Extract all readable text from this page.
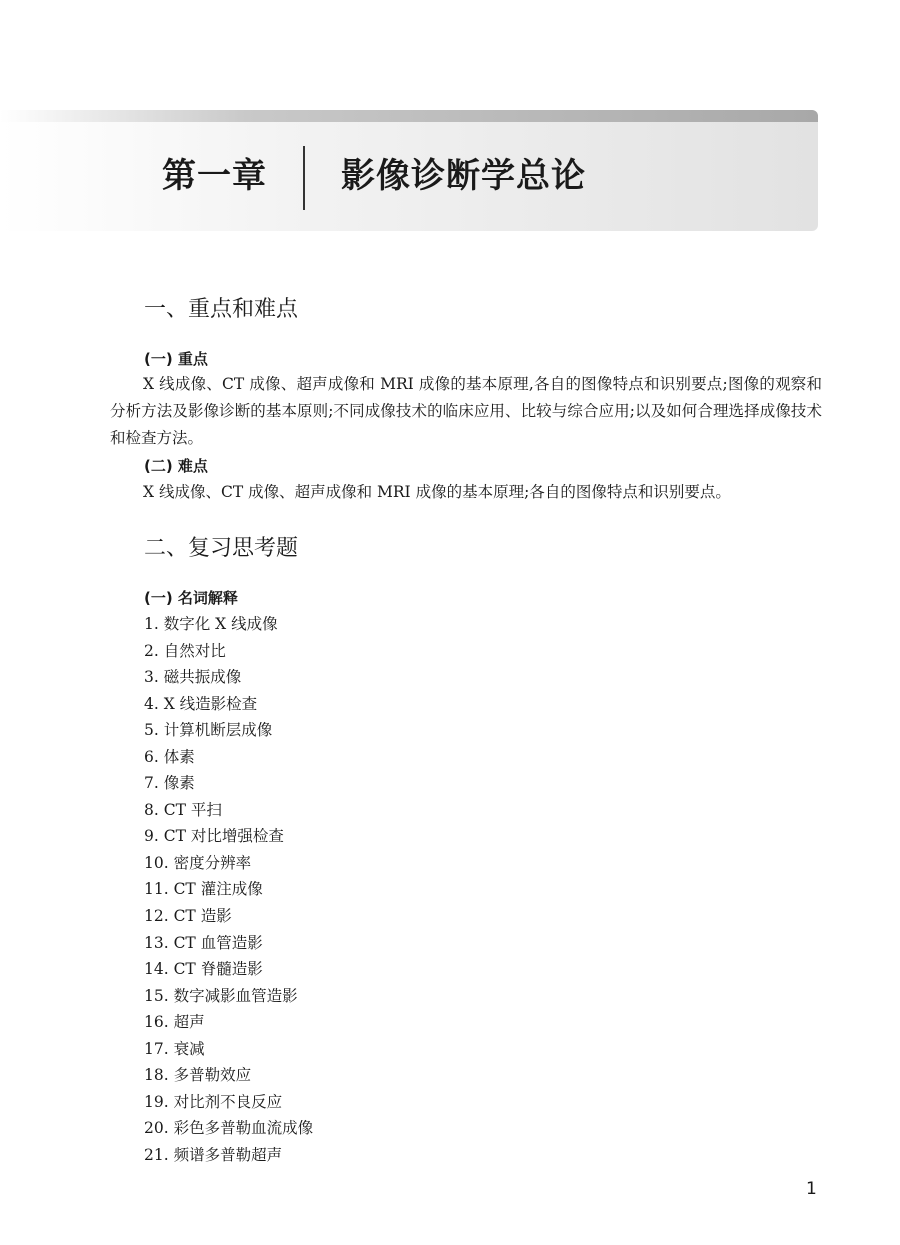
第一章 影像诊断学总论
一、重点和难点
(一) 重点

X 线成像、CT 成像、超声成像和 MRI 成像的基本原理,各自的图像特点和识别要点;图像的观察和分析方法及影像诊断的基本原则;不同成像技术的临床应用、比较与综合应用;以及如何合理选择成像技术和检查方法。

(二) 难点

X 线成像、CT 成像、超声成像和 MRI 成像的基本原理;各自的图像特点和识别要点。

二、复习思考题
(一) 名词解释
1. 数字化 X 线成像
2. 自然对比
3. 磁共振成像
4. X 线造影检查
5. 计算机断层成像
6. 体素
7. 像素
8. CT 平扫
9. CT 对比增强检查
10. 密度分辨率
11. CT 灌注成像
12. CT 造影
13. CT 血管造影
14. CT 脊髓造影
15. 数字减影血管造影
16. 超声
17. 衰减
18. 多普勒效应
19. 对比剂不良反应
20. 彩色多普勒血流成像
21. 频谱多普勒超声
1
